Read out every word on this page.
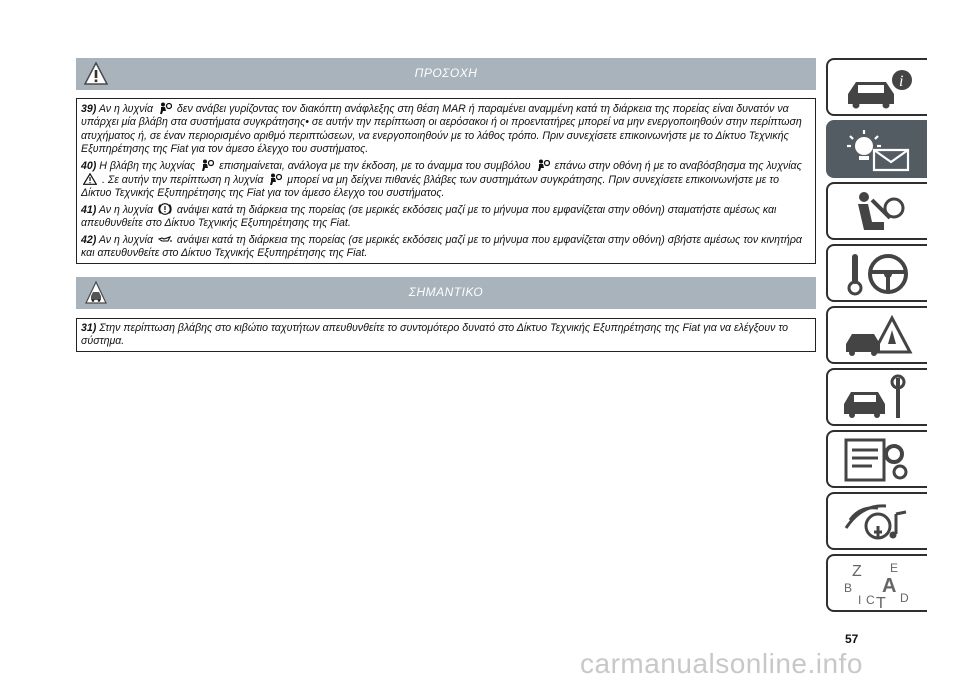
ΠΡΟΣΟΧΗ

39) Αν η λυχνία δεν ανάβει γυρίζοντας τον διακόπτη ανάφλεξης στη θέση MAR ή παραμένει αναμμένη κατά τη διάρκεια της πορείας είναι δυνατόν να υπάρχει μία βλάβη στα συστήματα συγκράτησης• σε αυτήν την περίπτωση οι αερόσακοι ή οι προεντατήρες μπορεί να μην ενεργοποιηθούν στην περίπτωση ατυχήματος ή, σε έναν περιορισμένο αριθμό περιπτώσεων, να ενεργοποιηθούν με το λάθος τρόπο. Πριν συνεχίσετε επικοινωνήστε με το Δίκτυο Τεχνικής Εξυπηρέτησης της Fiat για τον άμεσο έλεγχο του συστήματος.

40) Η βλάβη της λυχνίας επισημαίνεται, ανάλογα με την έκδοση, με το άναμμα του συμβόλου επάνω στην οθόνη ή με το αναβόσβησμα της λυχνίας  . Σε αυτήν την περίπτωση η λυχνία μπορεί να μη δείχνει πιθανές βλάβες των συστημάτων συγκράτησης. Πριν συνεχίσετε επικοινωνήστε με το Δίκτυο Τεχνικής Εξυπηρέτησης της Fiat για τον άμεσο έλεγχο του συστήματος.

41) Αν η λυχνία ανάψει κατά τη διάρκεια της πορείας (σε μερικές εκδόσεις μαζί με το μήνυμα που εμφανίζεται στην οθόνη) σταματήστε αμέσως και απευθυνθείτε στο Δίκτυο Τεχνικής Εξυπηρέτησης της Fiat.

42) Αν η λυχνία ανάψει κατά τη διάρκεια της πορείας (σε μερικές εκδόσεις μαζί με το μήνυμα που εμφανίζεται στην οθόνη) σβήστε αμέσως τον κινητήρα και απευθυνθείτε στο Δίκτυο Τεχνικής Εξυπηρέτησης της Fiat.

ΣΗΜΑΝΤΙΚΟ

31) Στην περίπτωση βλάβης στο κιβώτιο ταχυτήτων απευθυνθείτε το συντομότερο δυνατό στο Δίκτυο Τεχνικής Εξυπηρέτησης της Fiat για να ελέγξουν το σύστημα.

i
Z E
B A
I C T D
57
carmanualsonline.info
